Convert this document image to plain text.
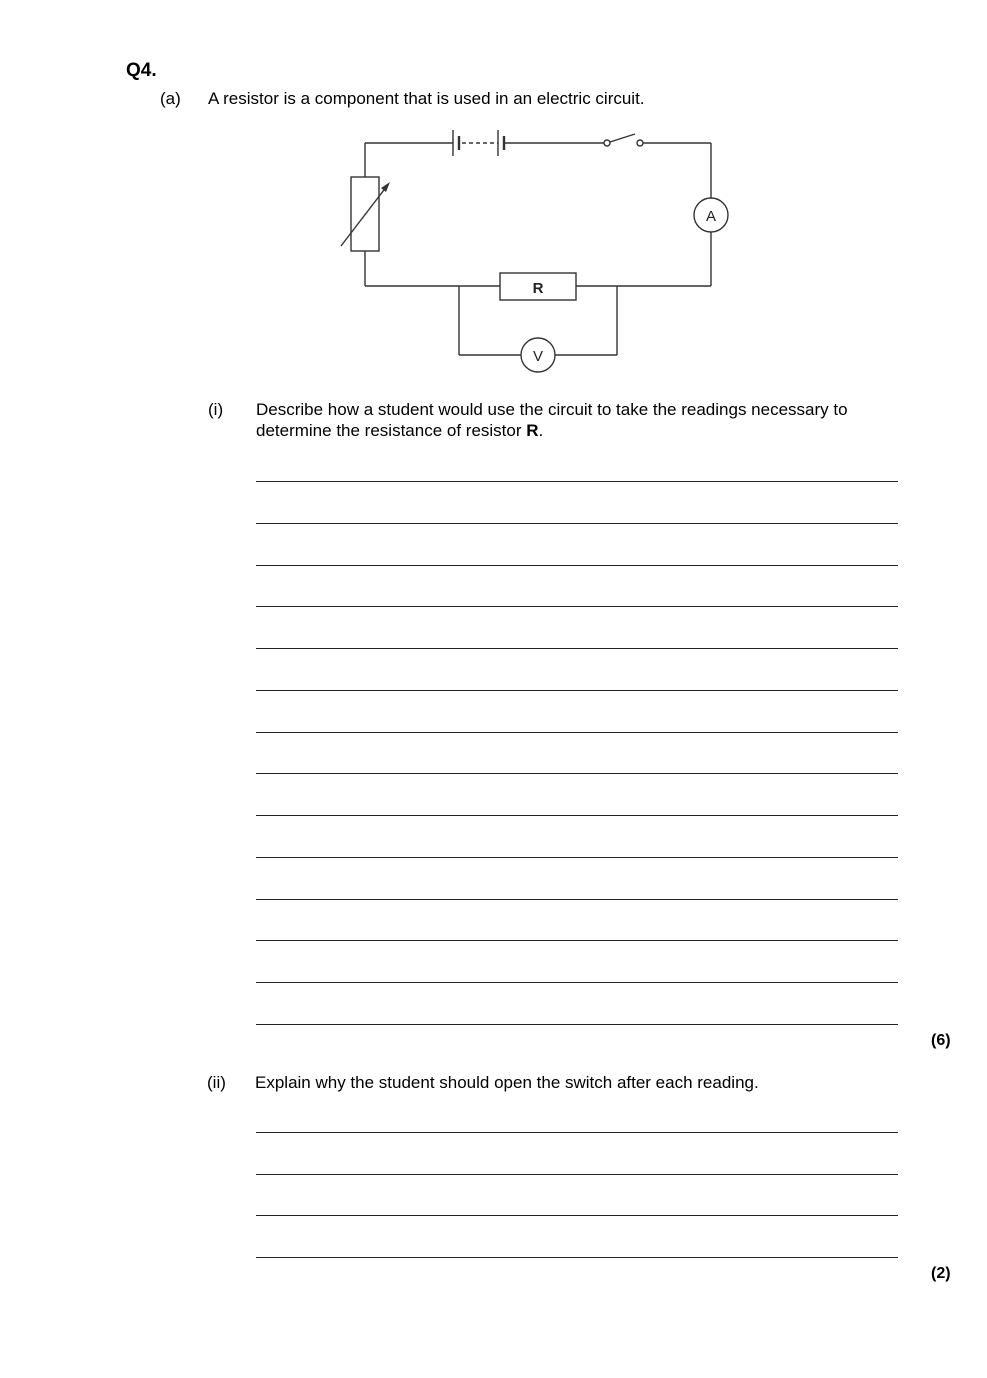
Q4.
(a) A resistor is a component that is used in an electric circuit.
A
V
R
(i) Describe how a student would use the circuit to take the readings necessary to determine the resistance of resistor R.
(6)
(ii) Explain why the student should open the switch after each reading.
(2)
